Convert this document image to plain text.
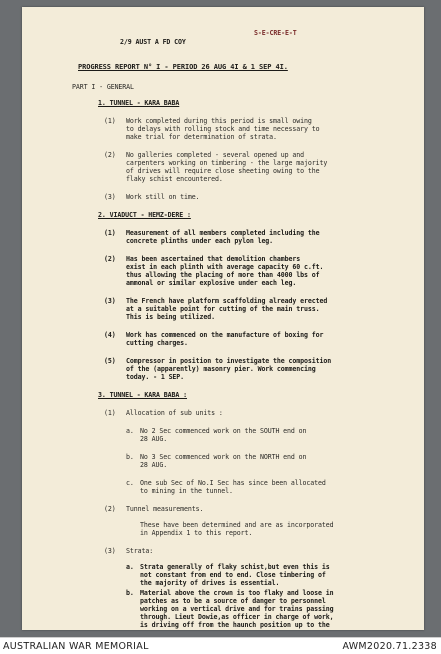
2/9 AUST A FD COY
S-E-CRE-E-T
PROGRESS REPORT N° I - PERIOD 26 AUG 4I & 1 SEP 4I.
PART I - GENERAL
1. TUNNEL - KARA BABA
(1) Work completed during this period is small owing
to delays with rolling stock and time necessary to
make trial for determination of strata.
(2) No galleries completed - several opened up and
carpenters working on timbering - the large majority
of drives will require close sheeting owing to the
flaky schist encountered.
(3) Work still on time.
2. VIADUCT - HEMZ-DERE :
(1) Measurement of all members completed including the
concrete plinths under each pylon leg.
(2) Has been ascertained that demolition chambers
exist in each plinth with average capacity 60 c.ft.
thus allowing the placing of more than 4000 lbs of
ammonal or similar explosive under each leg.
(3) The French have platform scaffolding already erected
at a suitable point for cutting of the main truss.
This is being utilized.
(4) Work has commenced on the manufacture of boxing for
cutting charges.
(5) Compressor in position to investigate the composition
of the (apparently) masonry pier. Work commencing
today. - 1 SEP.
3. TUNNEL - KARA BABA :
(1) Allocation of sub units :
a. No 2 Sec commenced work on the SOUTH end on
28 AUG.
b. No 3 Sec commenced work on the NORTH end on
28 AUG.
c. One sub Sec of No.I Sec has since been allocated
to mining in the tunnel.
(2) Tunnel measurements.
These have been determined and are as incorporated
in Appendix 1 to this report.
(3) Strata:
a. Strata generally of flaky schist,but even this is
not constant from end to end. Close timbering of
the majority of drives is essential.
b. Material above the crown is too flaky and loose in
patches as to be a source of danger to personnel
working on a vertical drive and for trains passing
through. Lieut Dowie,as officer in charge of work,
is driving off from the haunch position up to the
AUSTRALIAN WAR MEMORIAL	AWM2020.71.2338
